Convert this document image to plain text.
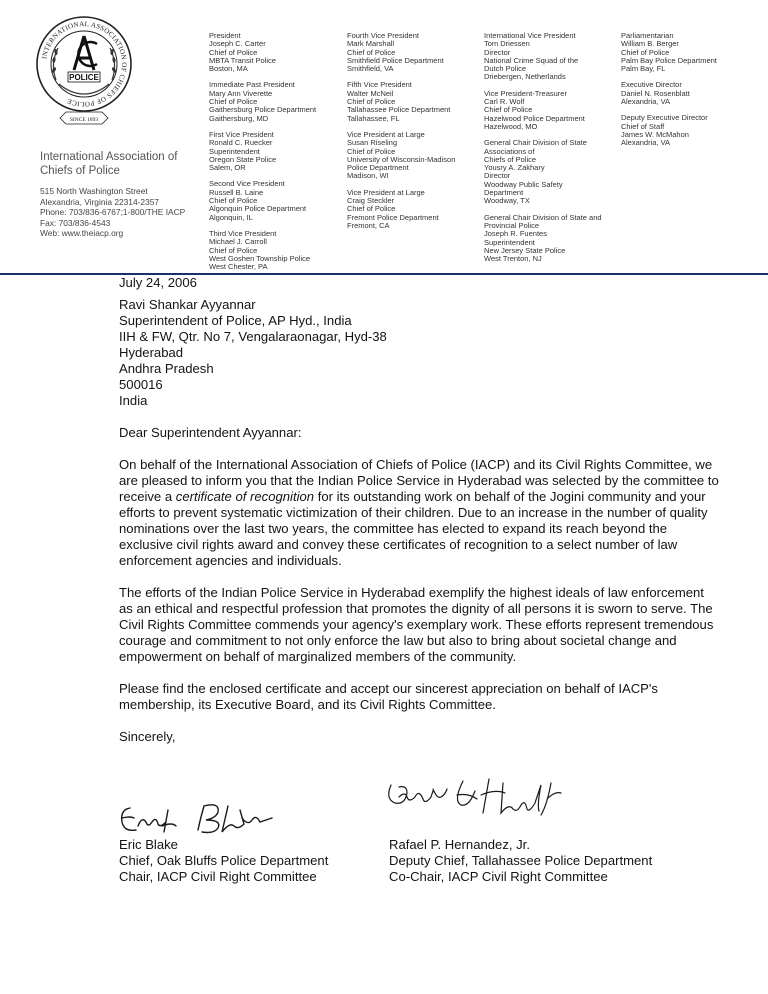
INTERNATIONAL ASSOCIATION OF CHIEFS OF POLICE
POLICE
SINCE 1893
International Association of
Chiefs of Police
515 North Washington Street
Alexandria, Virginia 22314-2357
Phone: 703/836-6767;1-800/THE IACP
Fax: 703/836-4543
Web: www.theiacp.org
President
Joseph C. Carter
Chief of Police
MBTA Transit Police
Boston, MA
Immediate Past President
Mary Ann Viverette
Chief of Police
Gaithersburg Police Department
Gaithersburg, MD
First Vice President
Ronald C. Ruecker
Superintendent
Oregon State Police
Salem, OR
Second Vice President
Russell B. Laine
Chief of Police
Algonquin Police Department
Algonquin, IL
Third Vice President
Michael J. Carroll
Chief of Police
West Goshen Township Police
West Chester, PA
Fourth Vice President
Mark Marshall
Chief of Police
Smithfield Police Department
Smithfield, VA
Fifth Vice President
Walter McNeil
Chief of Police
Tallahassee Police Department
Tallahassee, FL
Vice President at Large
Susan Riseling
Chief of Police
University of Wisconsin-Madison
Police Department
Madison, WI
Vice President at Large
Craig Steckler
Chief of Police
Fremont Police Department
Fremont, CA
International Vice President
Tom Driessen
Director
National Crime Squad of the
Dutch Police
Driebergen, Netherlands
Vice President-Treasurer
Carl R. Wolf
Chief of Police
Hazelwood Police Department
Hazelwood, MO
General Chair Division of State
Associations of
Chiefs of Police
Yousry A. Zakhary
Director
Woodway Public Safety
Department
Woodway, TX
General Chair Division of State and
Provincial Police
Joseph R. Fuentes
Superintendent
New Jersey State Police
West Trenton, NJ
Parliamentarian
William B. Berger
Chief of Police
Palm Bay Police Department
Palm Bay, FL
Executive Director
Daniel N. Rosenblatt
Alexandria, VA
Deputy Executive Director
Chief of Staff
James W. McMahon
Alexandria, VA

July 24, 2006

Ravi Shankar Ayyannar
Superintendent of Police, AP Hyd., India
IIH & FW, Qtr. No 7, Vengalaraonagar, Hyd-38
Hyderabad
Andhra Pradesh
500016
India

Dear Superintendent Ayyannar:

On behalf of the International Association of Chiefs of Police (IACP) and its Civil Rights Committee, we are pleased to inform you that the Indian Police Service in Hyderabad was selected by the committee to receive a certificate of recognition for its outstanding work on behalf of the Jogini community and your efforts to prevent systematic victimization of their children. Due to an increase in the number of quality nominations over the last two years, the committee has elected to expand its reach beyond the exclusive civil rights award and convey these certificates of recognition to a select number of law enforcement agencies and individuals.

The efforts of the Indian Police Service in Hyderabad exemplify the highest ideals of law enforcement as an ethical and respectful profession that promotes the dignity of all persons it is sworn to serve. The Civil Rights Committee commends your agency's exemplary work. These efforts represent tremendous courage and commitment to not only enforce the law but also to bring about societal change and empowerment on behalf of marginalized members of the community.

Please find the enclosed certificate and accept our sincerest appreciation on behalf of IACP's membership, its Executive Board, and its Civil Rights Committee.

Sincerely,

Eric Blake
Chief, Oak Bluffs Police Department
Chair, IACP Civil Right Committee
Rafael P. Hernandez, Jr.
Deputy Chief, Tallahassee Police Department
Co-Chair, IACP Civil Right Committee
